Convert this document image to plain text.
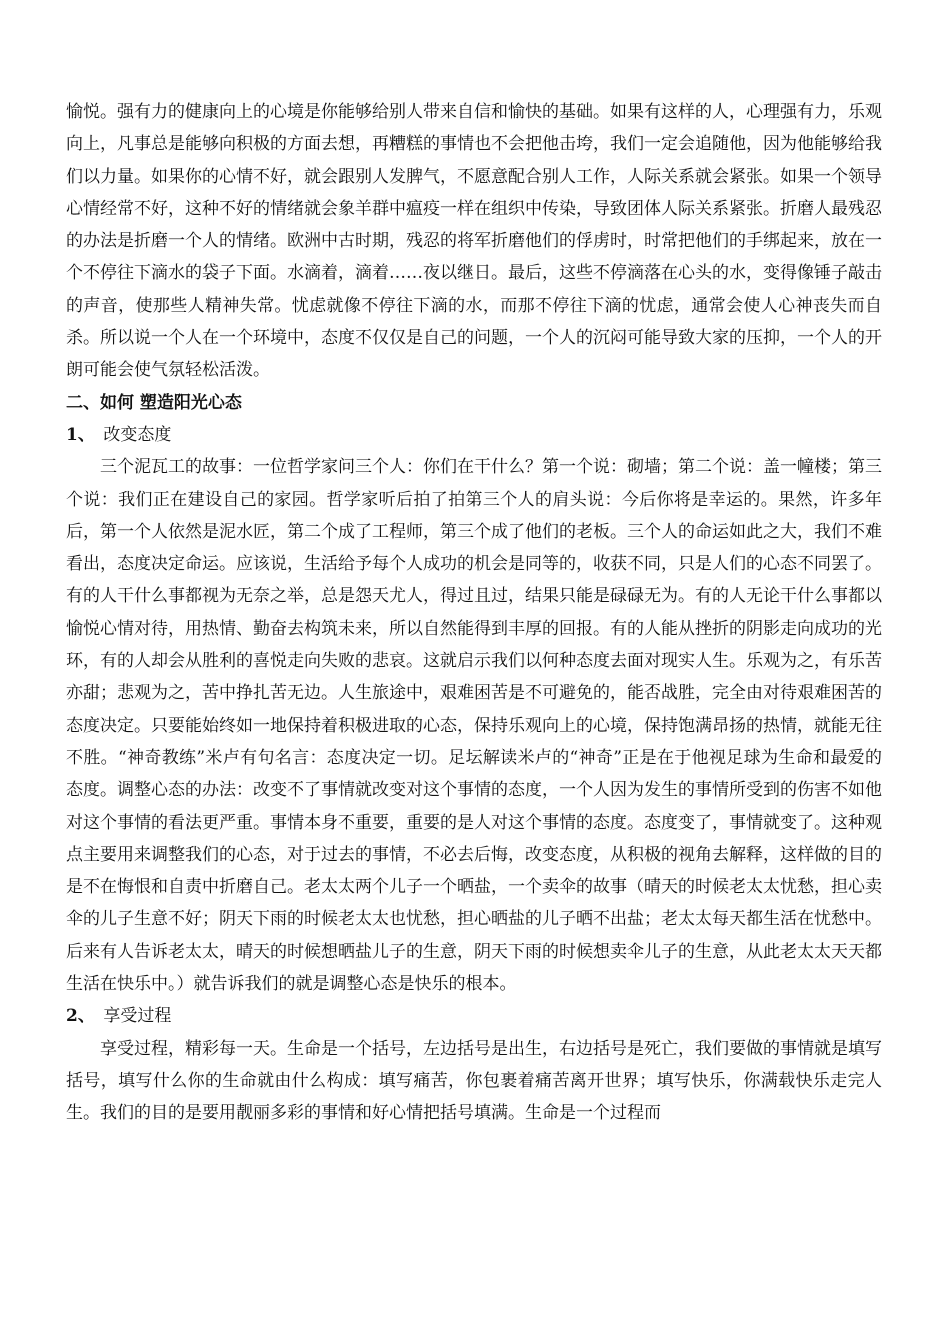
愉悦。强有力的健康向上的心境是你能够给别人带来自信和愉快的基础。如果有这样的人，心理强有力，乐观向上，凡事总是能够向积极的方面去想，再糟糕的事情也不会把他击垮，我们一定会追随他，因为他能够给我们以力量。如果你的心情不好，就会跟别人发脾气，不愿意配合别人工作，人际关系就会紧张。如果一个领导心情经常不好，这种不好的情绪就会象羊群中瘟疫一样在组织中传染，导致团体人际关系紧张。折磨人最残忍的办法是折磨一个人的情绪。欧洲中古时期，残忍的将军折磨他们的俘虏时，时常把他们的手绑起来，放在一个不停往下滴水的袋子下面。水滴着，滴着……夜以继日。最后，这些不停滴落在心头的水，变得像锤子敲击的声音，使那些人精神失常。忧虑就像不停往下滴的水，而那不停往下滴的忧虑，通常会使人心神丧失而自杀。所以说一个人在一个环境中，态度不仅仅是自己的问题，一个人的沉闷可能导致大家的压抑，一个人的开朗可能会使气氛轻松活泼。

二、如何 塑造阳光心态

1、 改变态度

三个泥瓦工的故事：一位哲学家问三个人：你们在干什么？第一个说：砌墙；第二个说：盖一幢楼；第三个说：我们正在建设自己的家园。哲学家听后拍了拍第三个人的肩头说：今后你将是幸运的。果然，许多年后，第一个人依然是泥水匠，第二个成了工程师，第三个成了他们的老板。三个人的命运如此之大，我们不难看出，态度决定命运。应该说，生活给予每个人成功的机会是同等的，收获不同，只是人们的心态不同罢了。有的人干什么事都视为无奈之举，总是怨天尤人，得过且过，结果只能是碌碌无为。有的人无论干什么事都以愉悦心情对待，用热情、勤奋去构筑未来，所以自然能得到丰厚的回报。有的人能从挫折的阴影走向成功的光环，有的人却会从胜利的喜悦走向失败的悲哀。这就启示我们以何种态度去面对现实人生。乐观为之，有乐苦亦甜；悲观为之，苦中挣扎苦无边。人生旅途中，艰难困苦是不可避免的，能否战胜，完全由对待艰难困苦的态度决定。只要能始终如一地保持着积极进取的心态，保持乐观向上的心境，保持饱满昂扬的热情，就能无往不胜。“神奇教练”米卢有句名言：态度决定一切。足坛解读米卢的“神奇”正是在于他视足球为生命和最爱的态度。调整心态的办法：改变不了事情就改变对这个事情的态度，一个人因为发生的事情所受到的伤害不如他对这个事情的看法更严重。事情本身不重要，重要的是人对这个事情的态度。态度变了，事情就变了。这种观点主要用来调整我们的心态，对于过去的事情，不必去后悔，改变态度，从积极的视角去解释，这样做的目的是不在悔恨和自责中折磨自己。老太太两个儿子一个晒盐，一个卖伞的故事（晴天的时候老太太忧愁，担心卖伞的儿子生意不好；阴天下雨的时候老太太也忧愁，担心晒盐的儿子晒不出盐；老太太每天都生活在忧愁中。后来有人告诉老太太，晴天的时候想晒盐儿子的生意，阴天下雨的时候想卖伞儿子的生意，从此老太太天天都生活在快乐中。）就告诉我们的就是调整心态是快乐的根本。

2、 享受过程

享受过程，精彩每一天。生命是一个括号，左边括号是出生，右边括号是死亡，我们要做的事情就是填写括号，填写什么你的生命就由什么构成：填写痛苦，你包裹着痛苦离开世界；填写快乐，你满载快乐走完人生。我们的目的是要用靓丽多彩的事情和好心情把括号填满。生命是一个过程而
